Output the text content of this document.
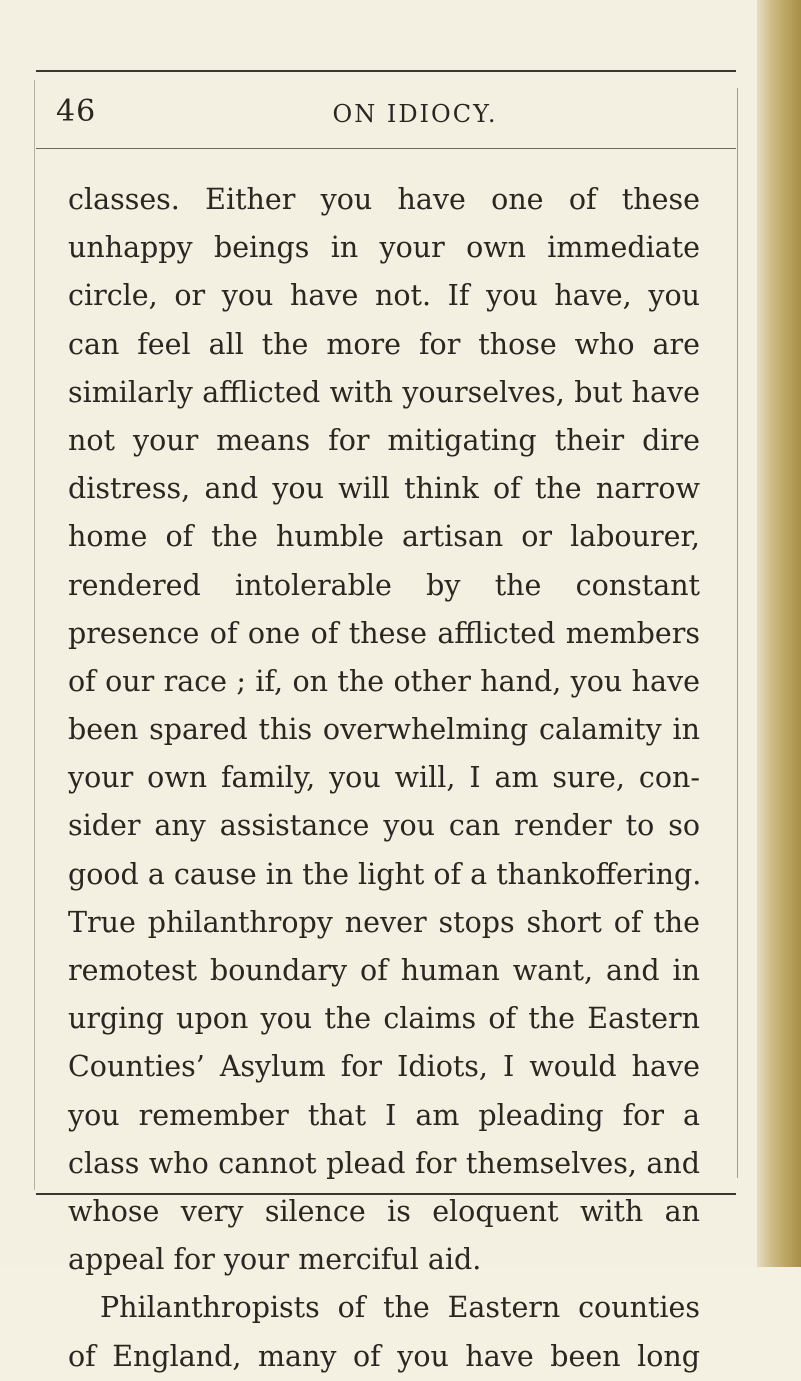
46	ON IDIOCY.
classes. Either you have one of these
unhappy beings in your own immediate
circle, or you have not. If you have, you
can feel all the more for those who are
similarly afflicted with yourselves, but have
not your means for mitigating their dire
distress, and you will think of the narrow
home of the humble artisan or labourer,
rendered intolerable by the constant
presence of one of these afflicted members
of our race ; if, on the other hand, you have
been spared this overwhelming calamity in
your own family, you will, I am sure, con-
sider any assistance you can render to so
good a cause in the light of a thankoffering.
True philanthropy never stops short of the
remotest boundary of human want, and in
urging upon you the claims of the Eastern
Counties’ Asylum for Idiots, I would have
you remember that I am pleading for a
class who cannot plead for themselves, and
whose very silence is eloquent with an
appeal for your merciful aid.
Philanthropists of the Eastern counties
of England, many of you have been long
